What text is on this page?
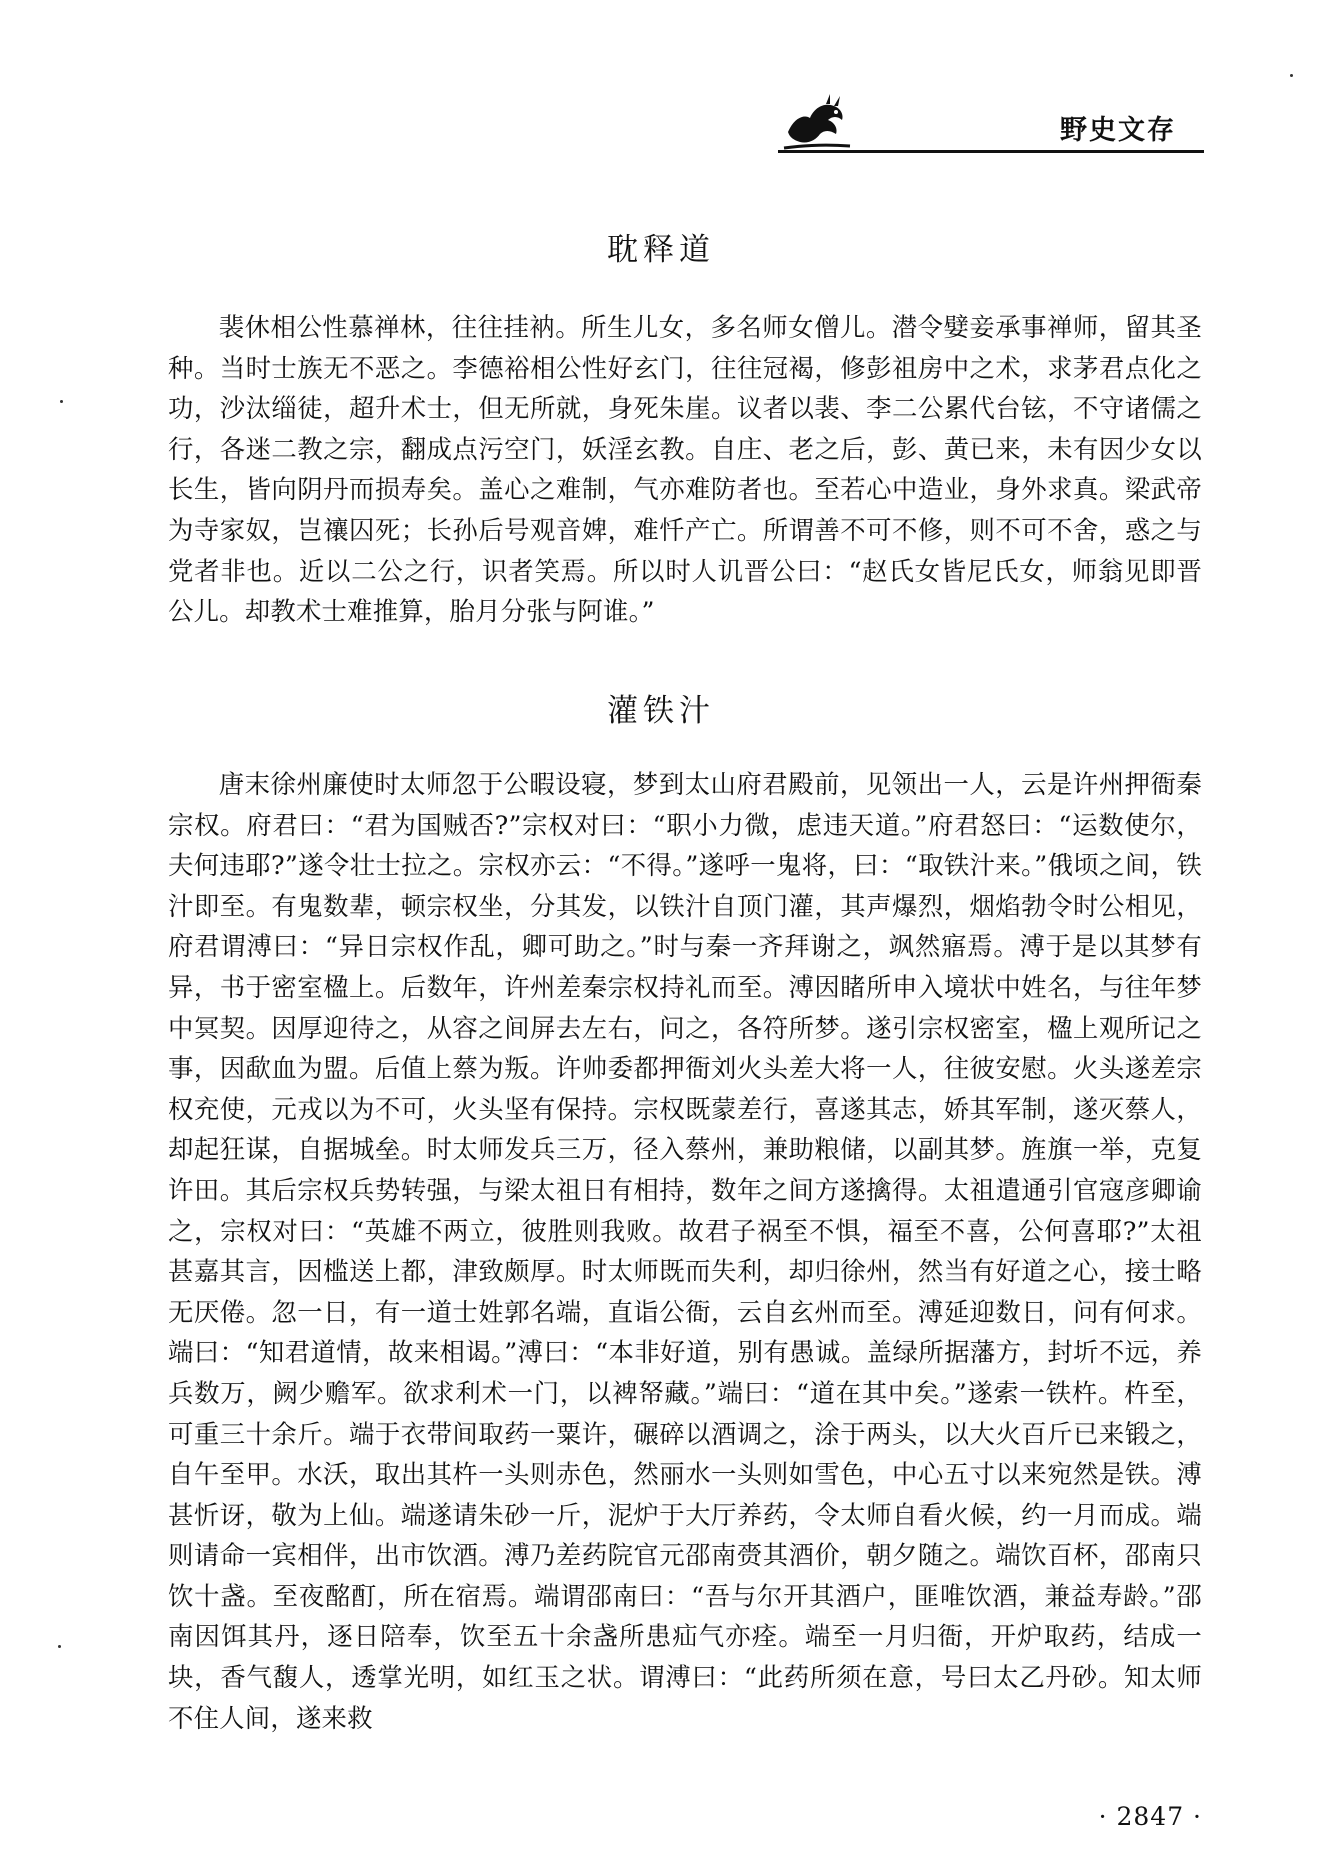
野史文存
耽释道

裴休相公性慕禅林，往往挂衲。所生儿女，多名师女僧儿。潜令嬖妾承事禅师，留其圣种。当时士族无不恶之。李德裕相公性好玄门，往往冠褐，修彭祖房中之术，求茅君点化之功，沙汰缁徒，超升术士，但无所就，身死朱崖。议者以裴、李二公累代台铉，不守诸儒之行，各迷二教之宗，翻成点污空门，妖淫玄教。自庄、老之后，彭、黄已来，未有因少女以长生，皆向阴丹而损寿矣。盖心之难制，气亦难防者也。至若心中造业，身外求真。梁武帝为寺家奴，岂禳囚死；长孙后号观音婢，难忏产亡。所谓善不可不修，则不可不舍，惑之与党者非也。近以二公之行，识者笑焉。所以时人讥晋公曰：“赵氏女皆尼氏女，师翁见即晋公儿。却教术士难推算，胎月分张与阿谁。”

灌铁汁

唐末徐州廉使时太师忽于公暇设寝，梦到太山府君殿前，见领出一人，云是许州押衙秦宗权。府君曰：“君为国贼否?”宗权对曰：“职小力微，虑违天道。”府君怒曰：“运数使尔，夫何违耶?”遂令壮士拉之。宗权亦云：“不得。”遂呼一鬼将，曰：“取铁汁来。”俄顷之间，铁汁即至。有鬼数辈，顿宗权坐，分其发，以铁汁自顶门灌，其声爆烈，烟焰勃令时公相见，府君谓溥曰：“异日宗权作乱，卿可助之。”时与秦一齐拜谢之，飒然寤焉。溥于是以其梦有异，书于密室楹上。后数年，许州差秦宗权持礼而至。溥因睹所申入境状中姓名，与往年梦中冥契。因厚迎待之，从容之间屏去左右，问之，各符所梦。遂引宗权密室，楹上观所记之事，因歃血为盟。后值上蔡为叛。许帅委都押衙刘火头差大将一人，往彼安慰。火头遂差宗权充使，元戎以为不可，火头坚有保持。宗权既蒙差行，喜遂其志，娇其军制，遂灭蔡人，却起狂谋，自据城垒。时太师发兵三万，径入蔡州，兼助粮储，以副其梦。旌旗一举，克复许田。其后宗权兵势转强，与梁太祖日有相持，数年之间方遂擒得。太祖遣通引官寇彦卿谕之，宗权对曰：“英雄不两立，彼胜则我败。故君子祸至不惧，福至不喜，公何喜耶?”太祖甚嘉其言，因槛送上都，津致颇厚。时太师既而失利，却归徐州，然当有好道之心，接士略无厌倦。忽一日，有一道士姓郭名端，直诣公衙，云自玄州而至。溥延迎数日，问有何求。端曰：“知君道情，故来相谒。”溥曰：“本非好道，别有愚诚。盖绿所据藩方，封圻不远，养兵数万，阙少赡军。欲求利术一门，以裨帑藏。”端曰：“道在其中矣。”遂索一铁杵。杵至，可重三十余斤。端于衣带间取药一粟许，碾碎以酒调之，涂于两头，以大火百斤已来锻之，自午至甲。水沃，取出其杵一头则赤色，然丽水一头则如雪色，中心五寸以来宛然是铁。溥甚忻讶，敬为上仙。端遂请朱砂一斤，泥炉于大厅养药，令太师自看火候，约一月而成。端则请命一宾相伴，出市饮酒。溥乃差药院官元邵南赍其酒价，朝夕随之。端饮百杯，邵南只饮十盏。至夜酩酊，所在宿焉。端谓邵南曰：“吾与尔开其酒户，匪唯饮酒，兼益寿龄。”邵南因饵其丹，逐日陪奉，饮至五十余盏所患疝气亦痊。端至一月归衙，开炉取药，结成一块，香气馥人，透掌光明，如红玉之状。谓溥曰：“此药所须在意，号曰太乙丹砂。知太师不住人间，遂来救

· 2847 ·
